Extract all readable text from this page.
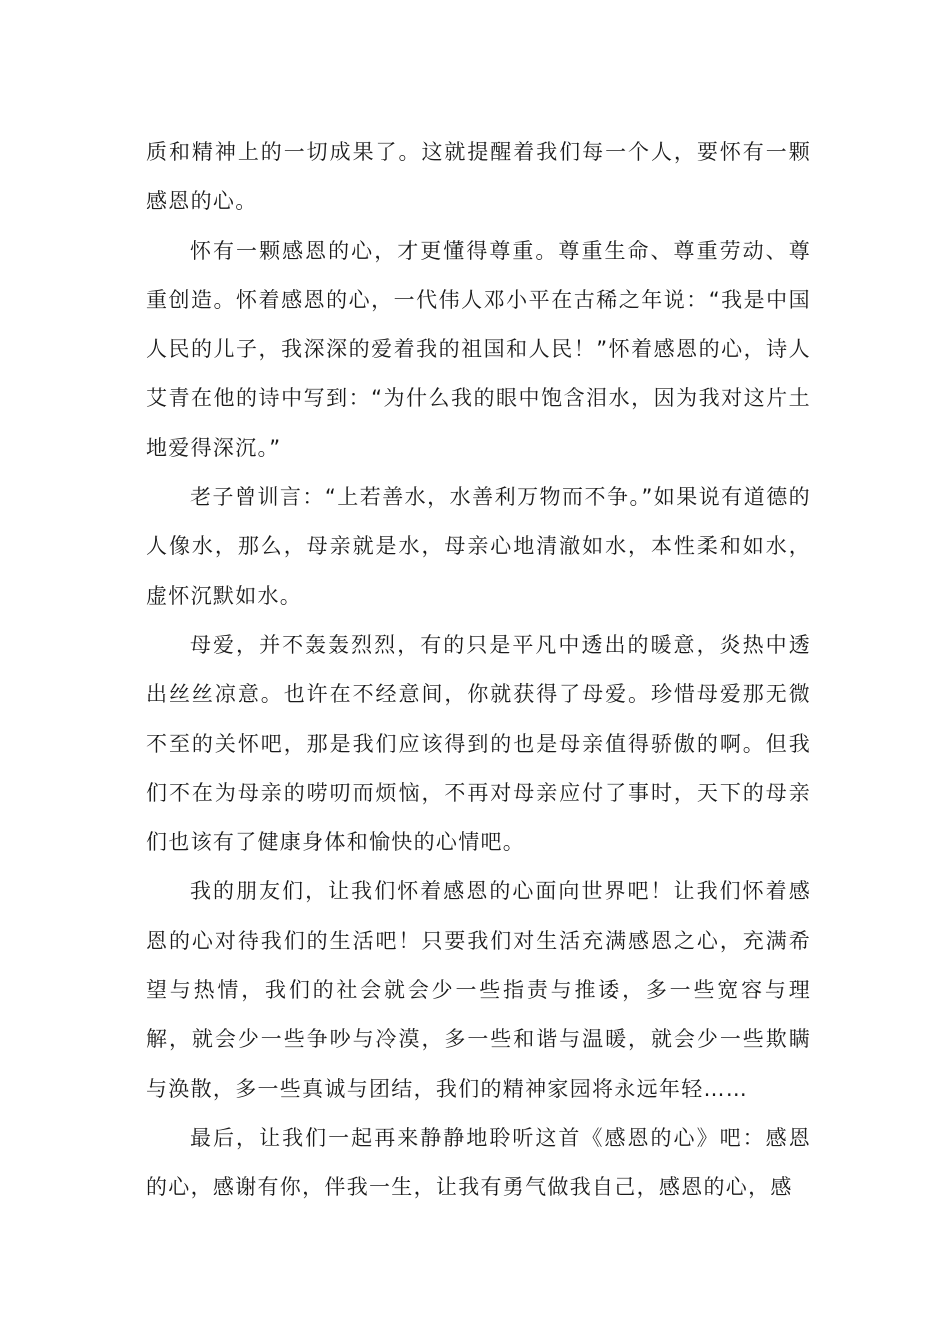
质和精神上的一切成果了。这就提醒着我们每一个人，要怀有一颗感恩的心。

怀有一颗感恩的心，才更懂得尊重。尊重生命、尊重劳动、尊重创造。怀着感恩的心，一代伟人邓小平在古稀之年说：“我是中国人民的儿子，我深深的爱着我的祖国和人民！”怀着感恩的心，诗人艾青在他的诗中写到：“为什么我的眼中饱含泪水，因为我对这片土地爱得深沉。”

老子曾训言：“上若善水，水善利万物而不争。”如果说有道德的人像水，那么，母亲就是水，母亲心地清澈如水，本性柔和如水，虚怀沉默如水。

母爱，并不轰轰烈烈，有的只是平凡中透出的暖意，炎热中透出丝丝凉意。也许在不经意间，你就获得了母爱。珍惜母爱那无微不至的关怀吧，那是我们应该得到的也是母亲值得骄傲的啊。但我们不在为母亲的唠叨而烦恼，不再对母亲应付了事时，天下的母亲们也该有了健康身体和愉快的心情吧。

我的朋友们，让我们怀着感恩的心面向世界吧！让我们怀着感恩的心对待我们的生活吧！只要我们对生活充满感恩之心，充满希望与热情，我们的社会就会少一些指责与推诿，多一些宽容与理解，就会少一些争吵与冷漠，多一些和谐与温暖，就会少一些欺瞒与涣散，多一些真诚与团结，我们的精神家园将永远年轻……

最后，让我们一起再来静静地聆听这首《感恩的心》吧：感恩的心，感谢有你，伴我一生，让我有勇气做我自己，感恩的心，感
